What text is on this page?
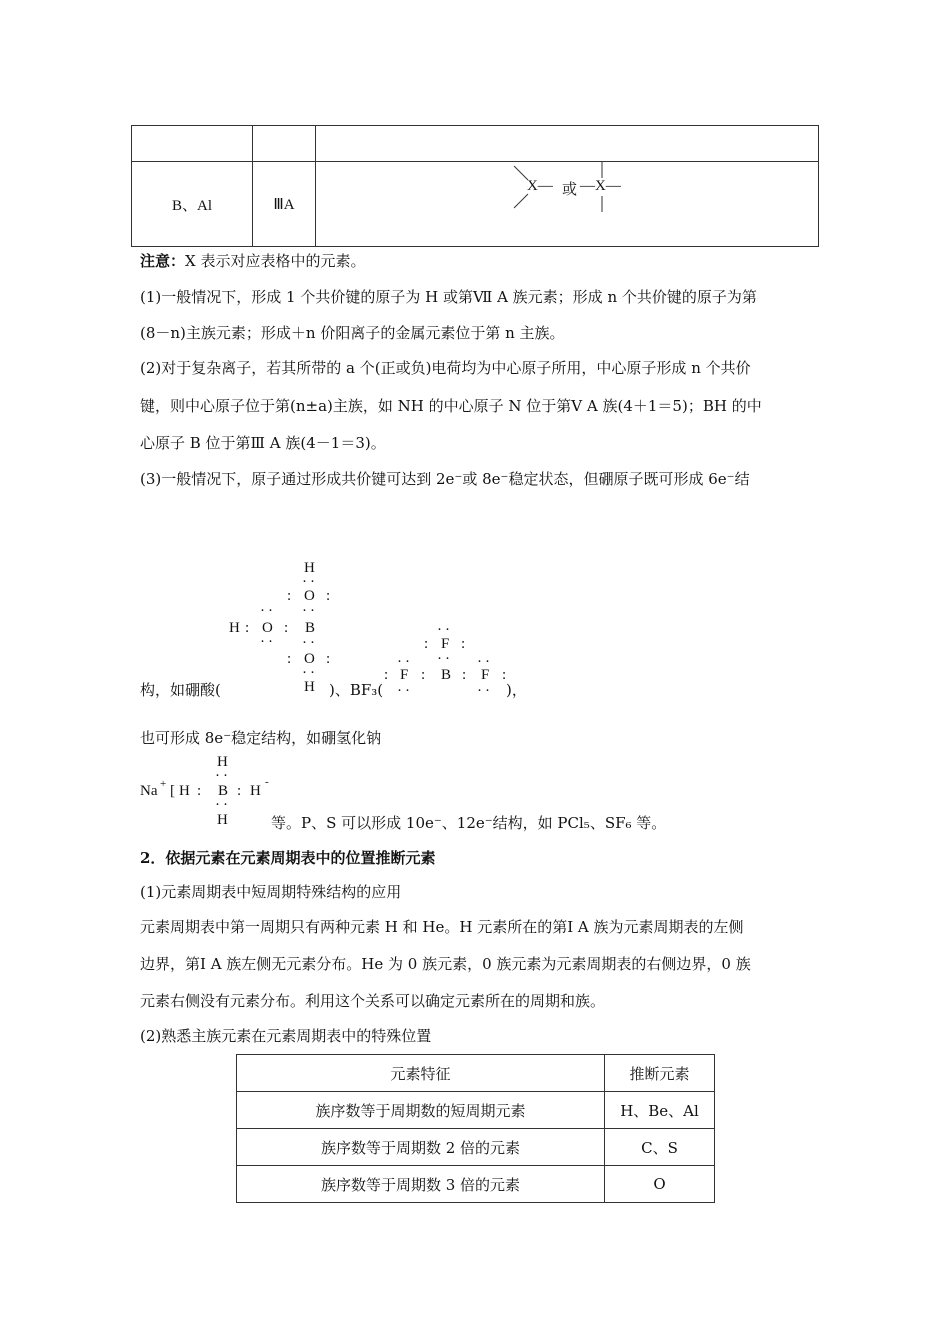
B、Al	ⅢA	X— 或 —X—
注意：X 表示对应表格中的元素。
(1)一般情况下，形成 1 个共价键的原子为 H 或第Ⅶ A 族元素；形成 n 个共价键的原子为第
(8－n)主族元素；形成＋n 价阳离子的金属元素位于第 n 主族。
(2)对于复杂离子，若其所带的 a 个(正或负)电荷均为中心原子所用，中心原子形成 n 个共价
键，则中心原子位于第(n±a)主族，如 NH 的中心原子 N 位于第Ⅴ A 族(4＋1＝5)；BH 的中
心原子 B 位于第Ⅲ A 族(4－1＝3)。
(3)一般情况下，原子通过形成共价键可达到 2e⁻或 8e⁻稳定状态，但硼原子既可形成 6e⁻结
H
··
: O :
··
··
H : O : B
·· ··
: O :
··
H
··
: F :
··
··	··
: F : B : F :
··	··
构，如硼酸(	)、BF₃(	)，
也可形成 8e⁻稳定结构，如硼氢化钠
H
··
Na + [ H : B : H
-
··
H	等。P、S 可以形成 10e⁻、12e⁻结构，如 PCl₅、SF₆ 等。
2．依据元素在元素周期表中的位置推断元素
(1)元素周期表中短周期特殊结构的应用
元素周期表中第一周期只有两种元素 H 和 He。H 元素所在的第Ⅰ A 族为元素周期表的左侧
边界，第Ⅰ A 族左侧无元素分布。He 为 0 族元素，0 族元素为元素周期表的右侧边界，0 族
元素右侧没有元素分布。利用这个关系可以确定元素所在的周期和族。
(2)熟悉主族元素在元素周期表中的特殊位置
元素特征	推断元素
族序数等于周期数的短周期元素	H、Be、Al
族序数等于周期数 2 倍的元素	C、S
族序数等于周期数 3 倍的元素	O
